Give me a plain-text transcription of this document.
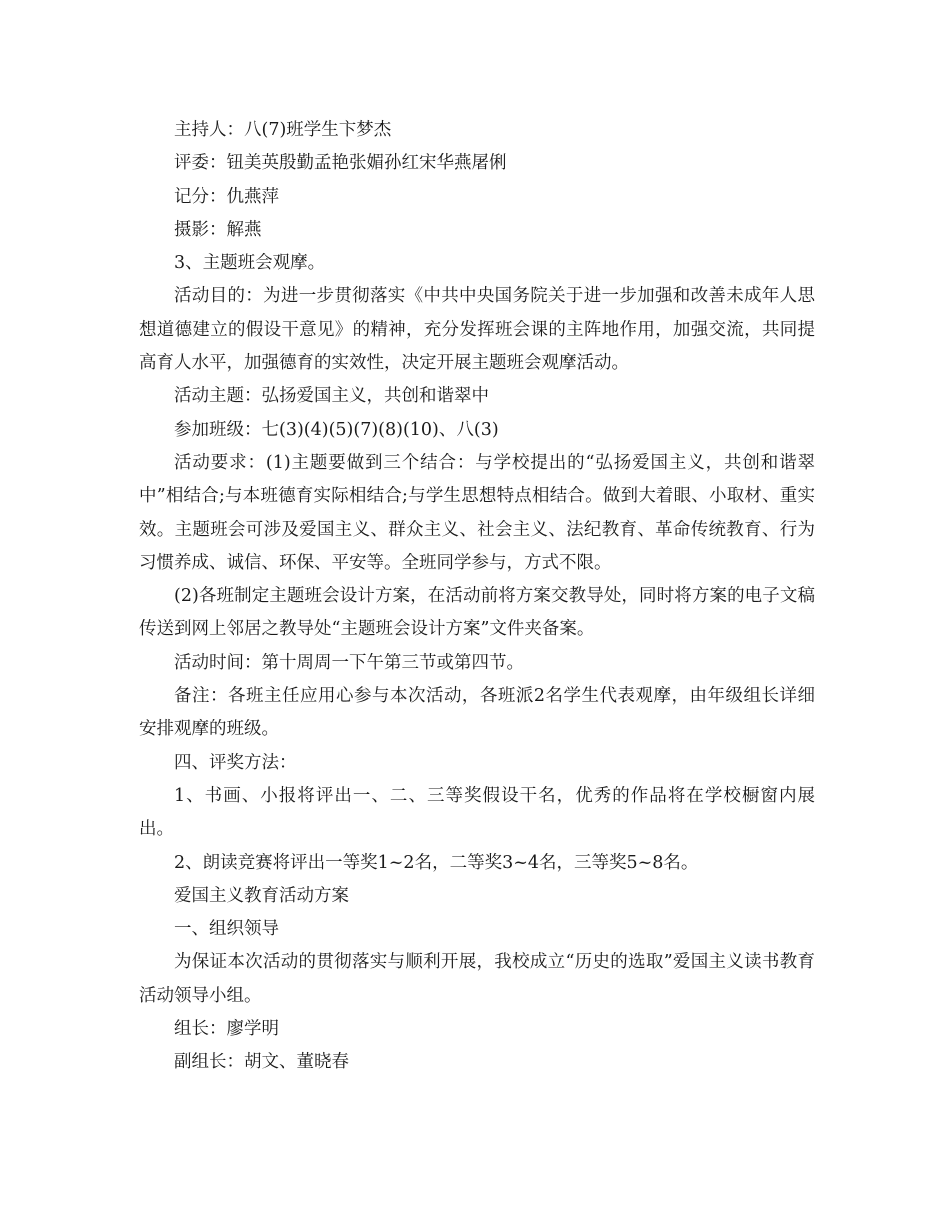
主持人：八(7)班学生卞梦杰

评委：钮美英殷勤孟艳张媚孙红宋华燕屠俐

记分：仇燕萍

摄影：解燕

3、主题班会观摩。

活动目的：为进一步贯彻落实《中共中央国务院关于进一步加强和改善未成年人思想道德建立的假设干意见》的精神，充分发挥班会课的主阵地作用，加强交流，共同提高育人水平，加强德育的实效性，决定开展主题班会观摩活动。

活动主题：弘扬爱国主义，共创和谐翠中

参加班级：七(3)(4)(5)(7)(8)(10)、八(3)

活动要求：(1)主题要做到三个结合：与学校提出的“弘扬爱国主义，共创和谐翠中”相结合;与本班德育实际相结合;与学生思想特点相结合。做到大着眼、小取材、重实效。主题班会可涉及爱国主义、群众主义、社会主义、法纪教育、革命传统教育、行为习惯养成、诚信、环保、平安等。全班同学参与，方式不限。

(2)各班制定主题班会设计方案，在活动前将方案交教导处，同时将方案的电子文稿传送到网上邻居之教导处“主题班会设计方案”文件夹备案。

活动时间：第十周周一下午第三节或第四节。

备注：各班主任应用心参与本次活动，各班派2名学生代表观摩，由年级组长详细安排观摩的班级。

四、评奖方法：

1、书画、小报将评出一、二、三等奖假设干名，优秀的作品将在学校橱窗内展出。

2、朗读竞赛将评出一等奖1~2名，二等奖3~4名，三等奖5~8名。

爱国主义教育活动方案

一、组织领导

为保证本次活动的贯彻落实与顺利开展，我校成立“历史的选取”爱国主义读书教育活动领导小组。

组长：廖学明

副组长：胡文、董晓春
